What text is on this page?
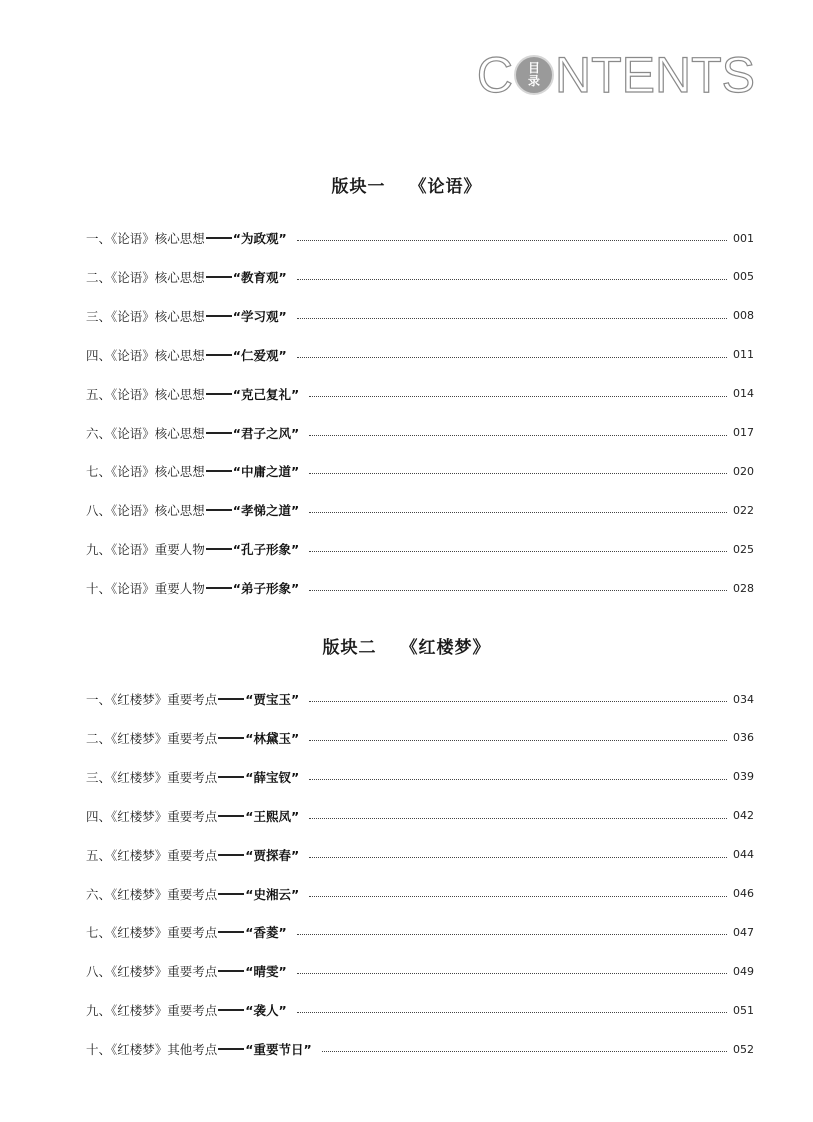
C 目
录 N T E N T S
版块一 《论语》
一、《论语》核心思想 “为政观”	001
二、《论语》核心思想 “教育观”	005
三、《论语》核心思想 “学习观”	008
四、《论语》核心思想 “仁爱观”	011
五、《论语》核心思想 “克己复礼”	014
六、《论语》核心思想 “君子之风”	017
七、《论语》核心思想 “中庸之道”	020
八、《论语》核心思想 “孝悌之道”	022
九、《论语》重要人物 “孔子形象”	025
十、《论语》重要人物 “弟子形象”	028
版块二 《红楼梦》
一、《红楼梦》重要考点 “贾宝玉”	034
二、《红楼梦》重要考点 “林黛玉”	036
三、《红楼梦》重要考点 “薛宝钗”	039
四、《红楼梦》重要考点 “王熙凤”	042
五、《红楼梦》重要考点 “贾探春”	044
六、《红楼梦》重要考点 “史湘云”	046
七、《红楼梦》重要考点 “香菱”	047
八、《红楼梦》重要考点 “晴雯”	049
九、《红楼梦》重要考点 “袭人”	051
十、《红楼梦》其他考点 “重要节日”	052
